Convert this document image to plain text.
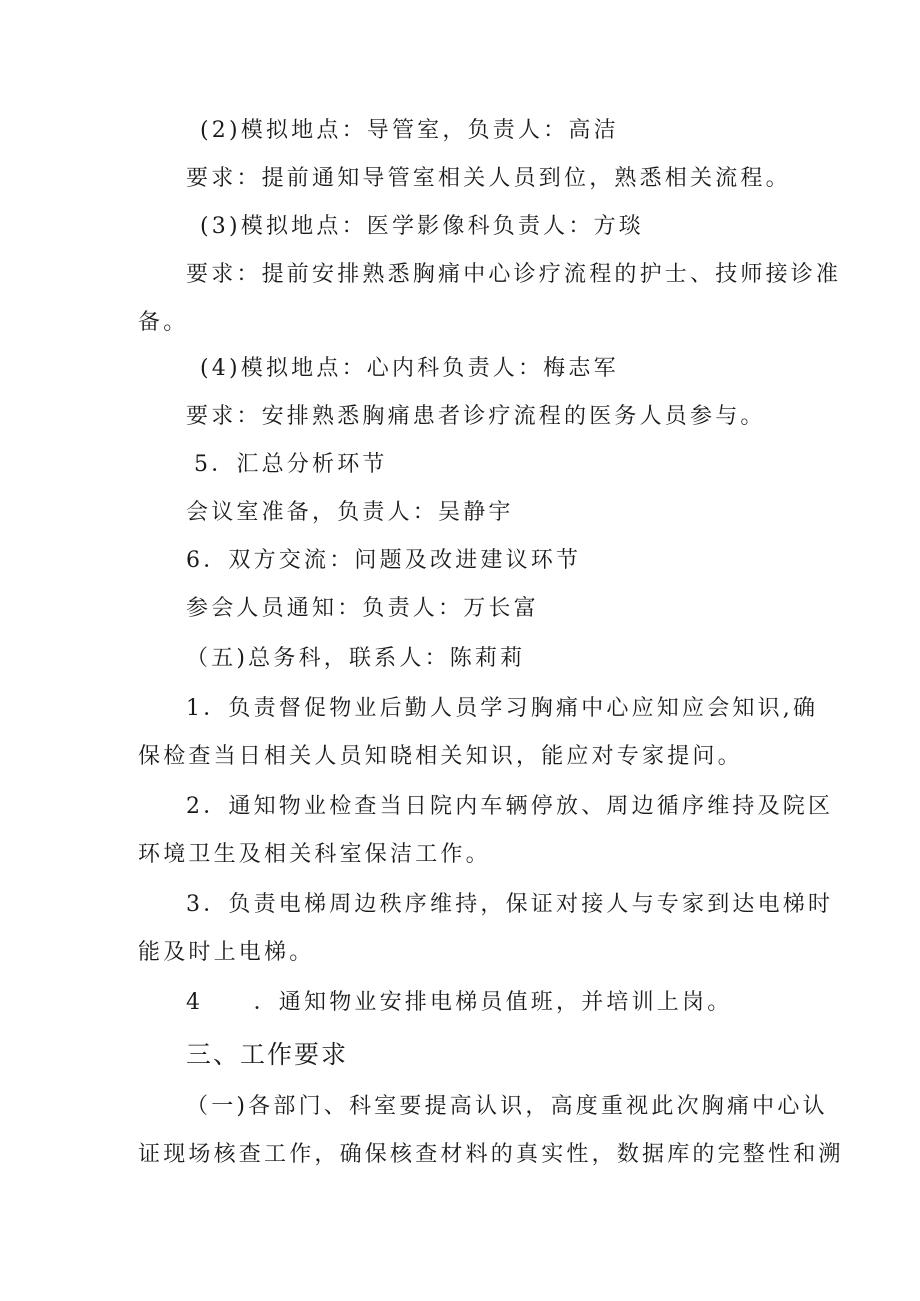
(2)模拟地点：导管室，负责人：高洁
要求：提前通知导管室相关人员到位，熟悉相关流程。
(3)模拟地点：医学影像科负责人：方琰
要求：提前安排熟悉胸痛中心诊疗流程的护士、技师接诊准
备。
(4)模拟地点：心内科负责人：梅志军
要求：安排熟悉胸痛患者诊疗流程的医务人员参与。
5．汇总分析环节
会议室准备，负责人：吴静宇
6．双方交流：问题及改进建议环节
参会人员通知：负责人：万长富
（五)总务科，联系人：陈莉莉
1．负责督促物业后勤人员学习胸痛中心应知应会知识,确
保检查当日相关人员知晓相关知识，能应对专家提问。
2．通知物业检查当日院内车辆停放、周边循序维持及院区
环境卫生及相关科室保洁工作。
3．负责电梯周边秩序维持，保证对接人与专家到达电梯时
能及时上电梯。
4　　．通知物业安排电梯员值班，并培训上岗。
三、工作要求
（一)各部门、科室要提高认识，高度重视此次胸痛中心认
证现场核查工作，确保核查材料的真实性，数据库的完整性和溯
